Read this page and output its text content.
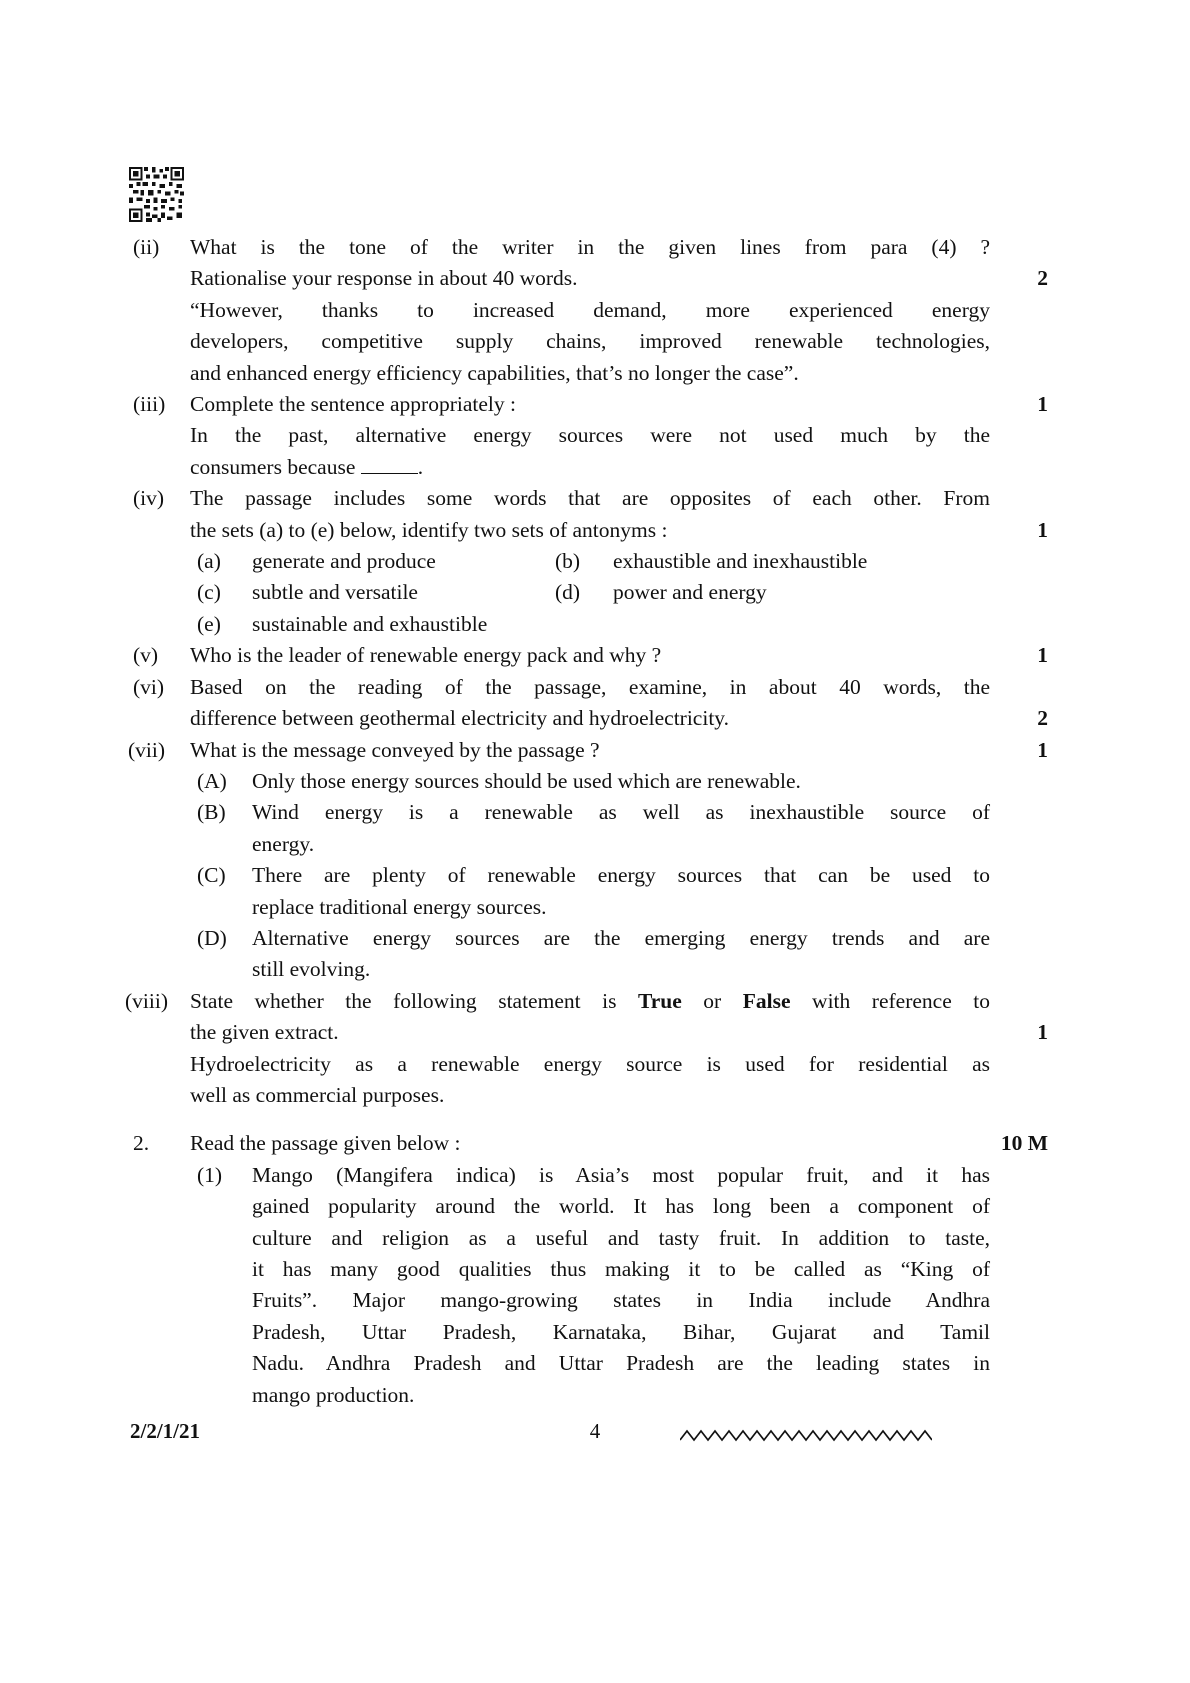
(ii)	What is the tone of the writer in the given lines from para (4) ?
Rationalise your response in about 40 words.
“However, thanks to increased demand, more experienced energy
developers, competitive supply chains, improved renewable technologies,
and enhanced energy efficiency capabilities, that’s no longer the case”.
2
(iii)	Complete the sentence appropriately :
In the past, alternative energy sources were not used much by the
consumers because	.
1
(iv)	The passage includes some words that are opposites of each other. From
the sets (a) to (e) below, identify two sets of antonyms :
(a)	generate and produce	(b)	exhaustible and inexhaustible
(c)	subtle and versatile	(d)	power and energy
(e)	sustainable and exhaustible
1
(v)	Who is the leader of renewable energy pack and why ?	1
(vi)	Based on the reading of the passage, examine, in about 40 words, the
difference between geothermal electricity and hydroelectricity.	2
(vii)	What is the message conveyed by the passage ?
(A)	Only those energy sources should be used which are renewable.
(B)	Wind energy is a renewable as well as inexhaustible source of
energy.
(C)	There are plenty of renewable energy sources that can be used to
replace traditional energy sources.
(D)	Alternative energy sources are the emerging energy trends and are
still evolving.
1
(viii)	State whether the following statement is True or False with reference to
the given extract.
Hydroelectricity as a renewable energy source is used for residential as
well as commercial purposes.
1
2.	Read the passage given below :
(1)	Mango (Mangifera indica) is Asia’s most popular fruit, and it has
gained popularity around the world. It has long been a component of
culture and religion as a useful and tasty fruit. In addition to taste,
it has many good qualities thus making it to be called as “King of
Fruits”. Major mango-growing states in India include Andhra
Pradesh, Uttar Pradesh, Karnataka, Bihar, Gujarat and Tamil
Nadu. Andhra Pradesh and Uttar Pradesh are the leading states in
mango production.
10 M
2/2/1/21	4
